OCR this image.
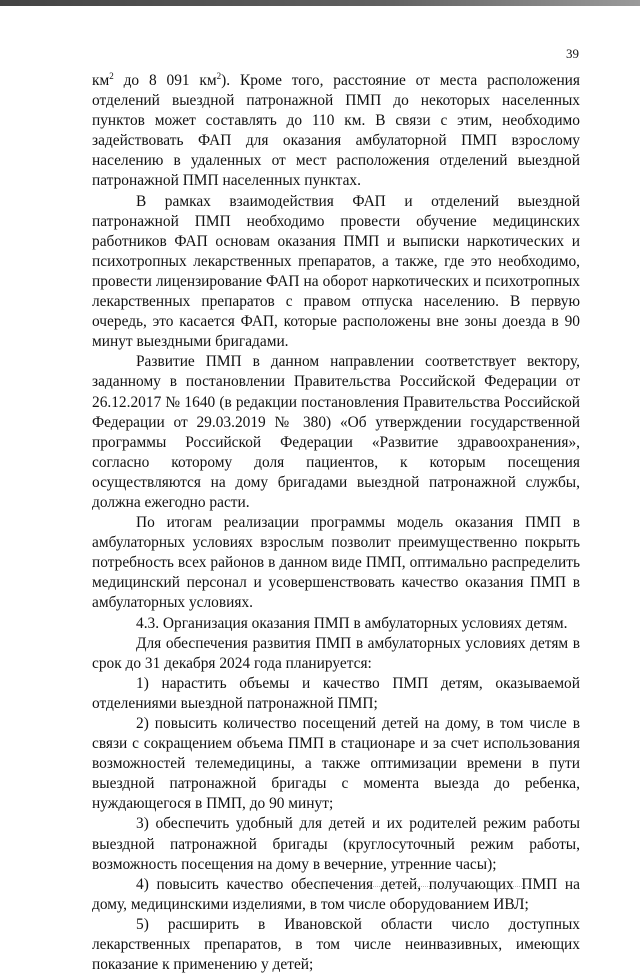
39

$км^2$ до 8 091 $км^2$). Кроме того, расстояние от места расположения отделений выездной патронажной ПМП до некоторых населенных пунктов может составлять до 110 км. В связи с этим, необходимо задействовать ФАП для оказания амбулаторной ПМП взрослому населению в удаленных от мест расположения отделений выездной патронажной ПМП населенных пунктах.

В рамках взаимодействия ФАП и отделений выездной патронажной ПМП необходимо провести обучение медицинских работников ФАП основам оказания ПМП и выписки наркотических и психотропных лекарственных препаратов, а также, где это необходимо, провести лицензирование ФАП на оборот наркотических и психотропных лекарственных препаратов с правом отпуска населению. В первую очередь, это касается ФАП, которые расположены вне зоны доезда в 90 минут выездными бригадами.

Развитие ПМП в данном направлении соответствует вектору, заданному в постановлении Правительства Российской Федерации от 26.12.2017 № 1640 (в редакции постановления Правительства Российской Федерации от 29.03.2019 № 380) «Об утверждении государственной программы Российской Федерации «Развитие здравоохранения», согласно которому доля пациентов, к которым посещения осуществляются на дому бригадами выездной патронажной службы, должна ежегодно расти.

По итогам реализации программы модель оказания ПМП в амбулаторных условиях взрослым позволит преимущественно покрыть потребность всех районов в данном виде ПМП, оптимально распределить медицинский персонал и усовершенствовать качество оказания ПМП в амбулаторных условиях.

4.3. Организация оказания ПМП в амбулаторных условиях детям.

Для обеспечения развития ПМП в амбулаторных условиях детям в срок до 31 декабря 2024 года планируется:

1) нарастить объемы и качество ПМП детям, оказываемой отделениями выездной патронажной ПМП;

2) повысить количество посещений детей на дому, в том числе в связи с сокращением объема ПМП в стационаре и за счет использования возможностей телемедицины, а также оптимизации времени в пути выездной патронажной бригады с момента выезда до ребенка, нуждающегося в ПМП, до 90 минут;

3) обеспечить удобный для детей и их родителей режим работы выездной патронажной бригады (круглосуточный режим работы, возможность посещения на дому в вечерние, утренние часы);

4) повысить качество обеспечения детей, получающих ПМП на дому, медицинскими изделиями, в том числе оборудованием ИВЛ;

5) расширить в Ивановской области число доступных лекарственных препаратов, в том числе неинвазивных, имеющих показание к применению у детей;
